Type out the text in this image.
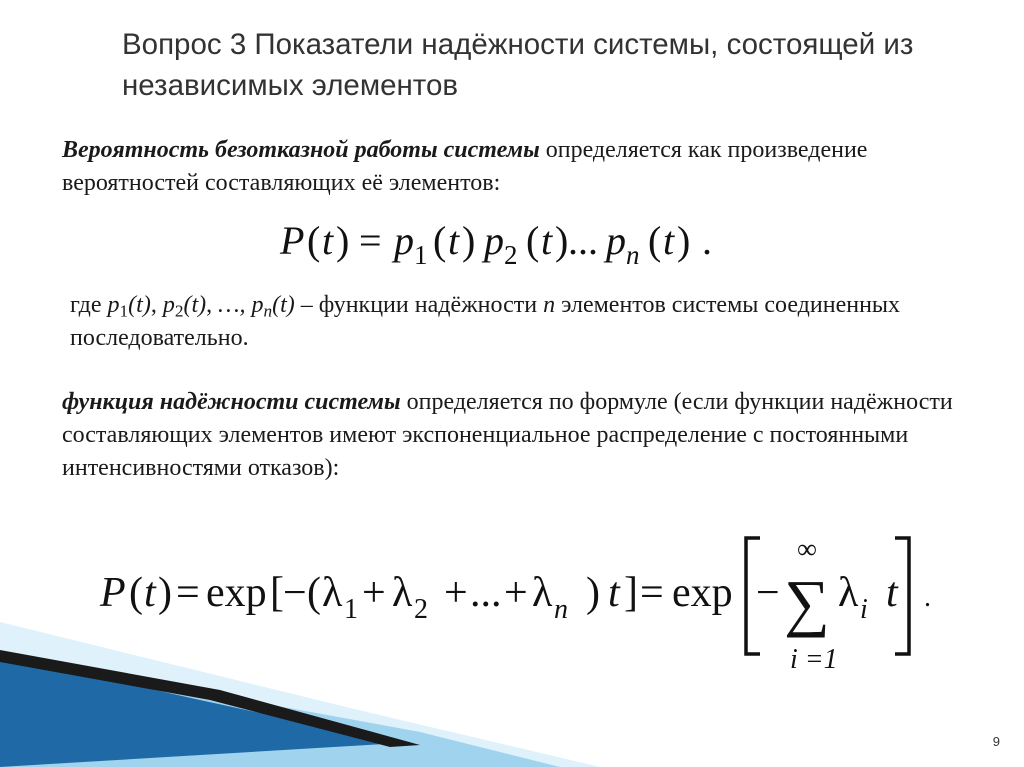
Вопрос 3 Показатели надёжности системы, состоящей из независимых элементов
Вероятность безотказной работы системы определяется как произведение вероятностей составляющих её элементов:
P ( t ) = p ( t ) p ( t ) ... p ( t ) .
1	2	n
где $p_1(t)$, $p_2(t)$, …, $p_n(t)$ – функции надёжности n элементов системы соединенных последовательно.
функция надёжности системы определяется по формуле (если функции надёжности составляющих элементов имеют экспоненциальное распределение с постоянными интенсивностями отказов):
P ( t ) = exp [ − ( λ + λ + ... + λ ) t ] = exp − λ t
1 2	n	i
∞
i =1
∑	.
9
